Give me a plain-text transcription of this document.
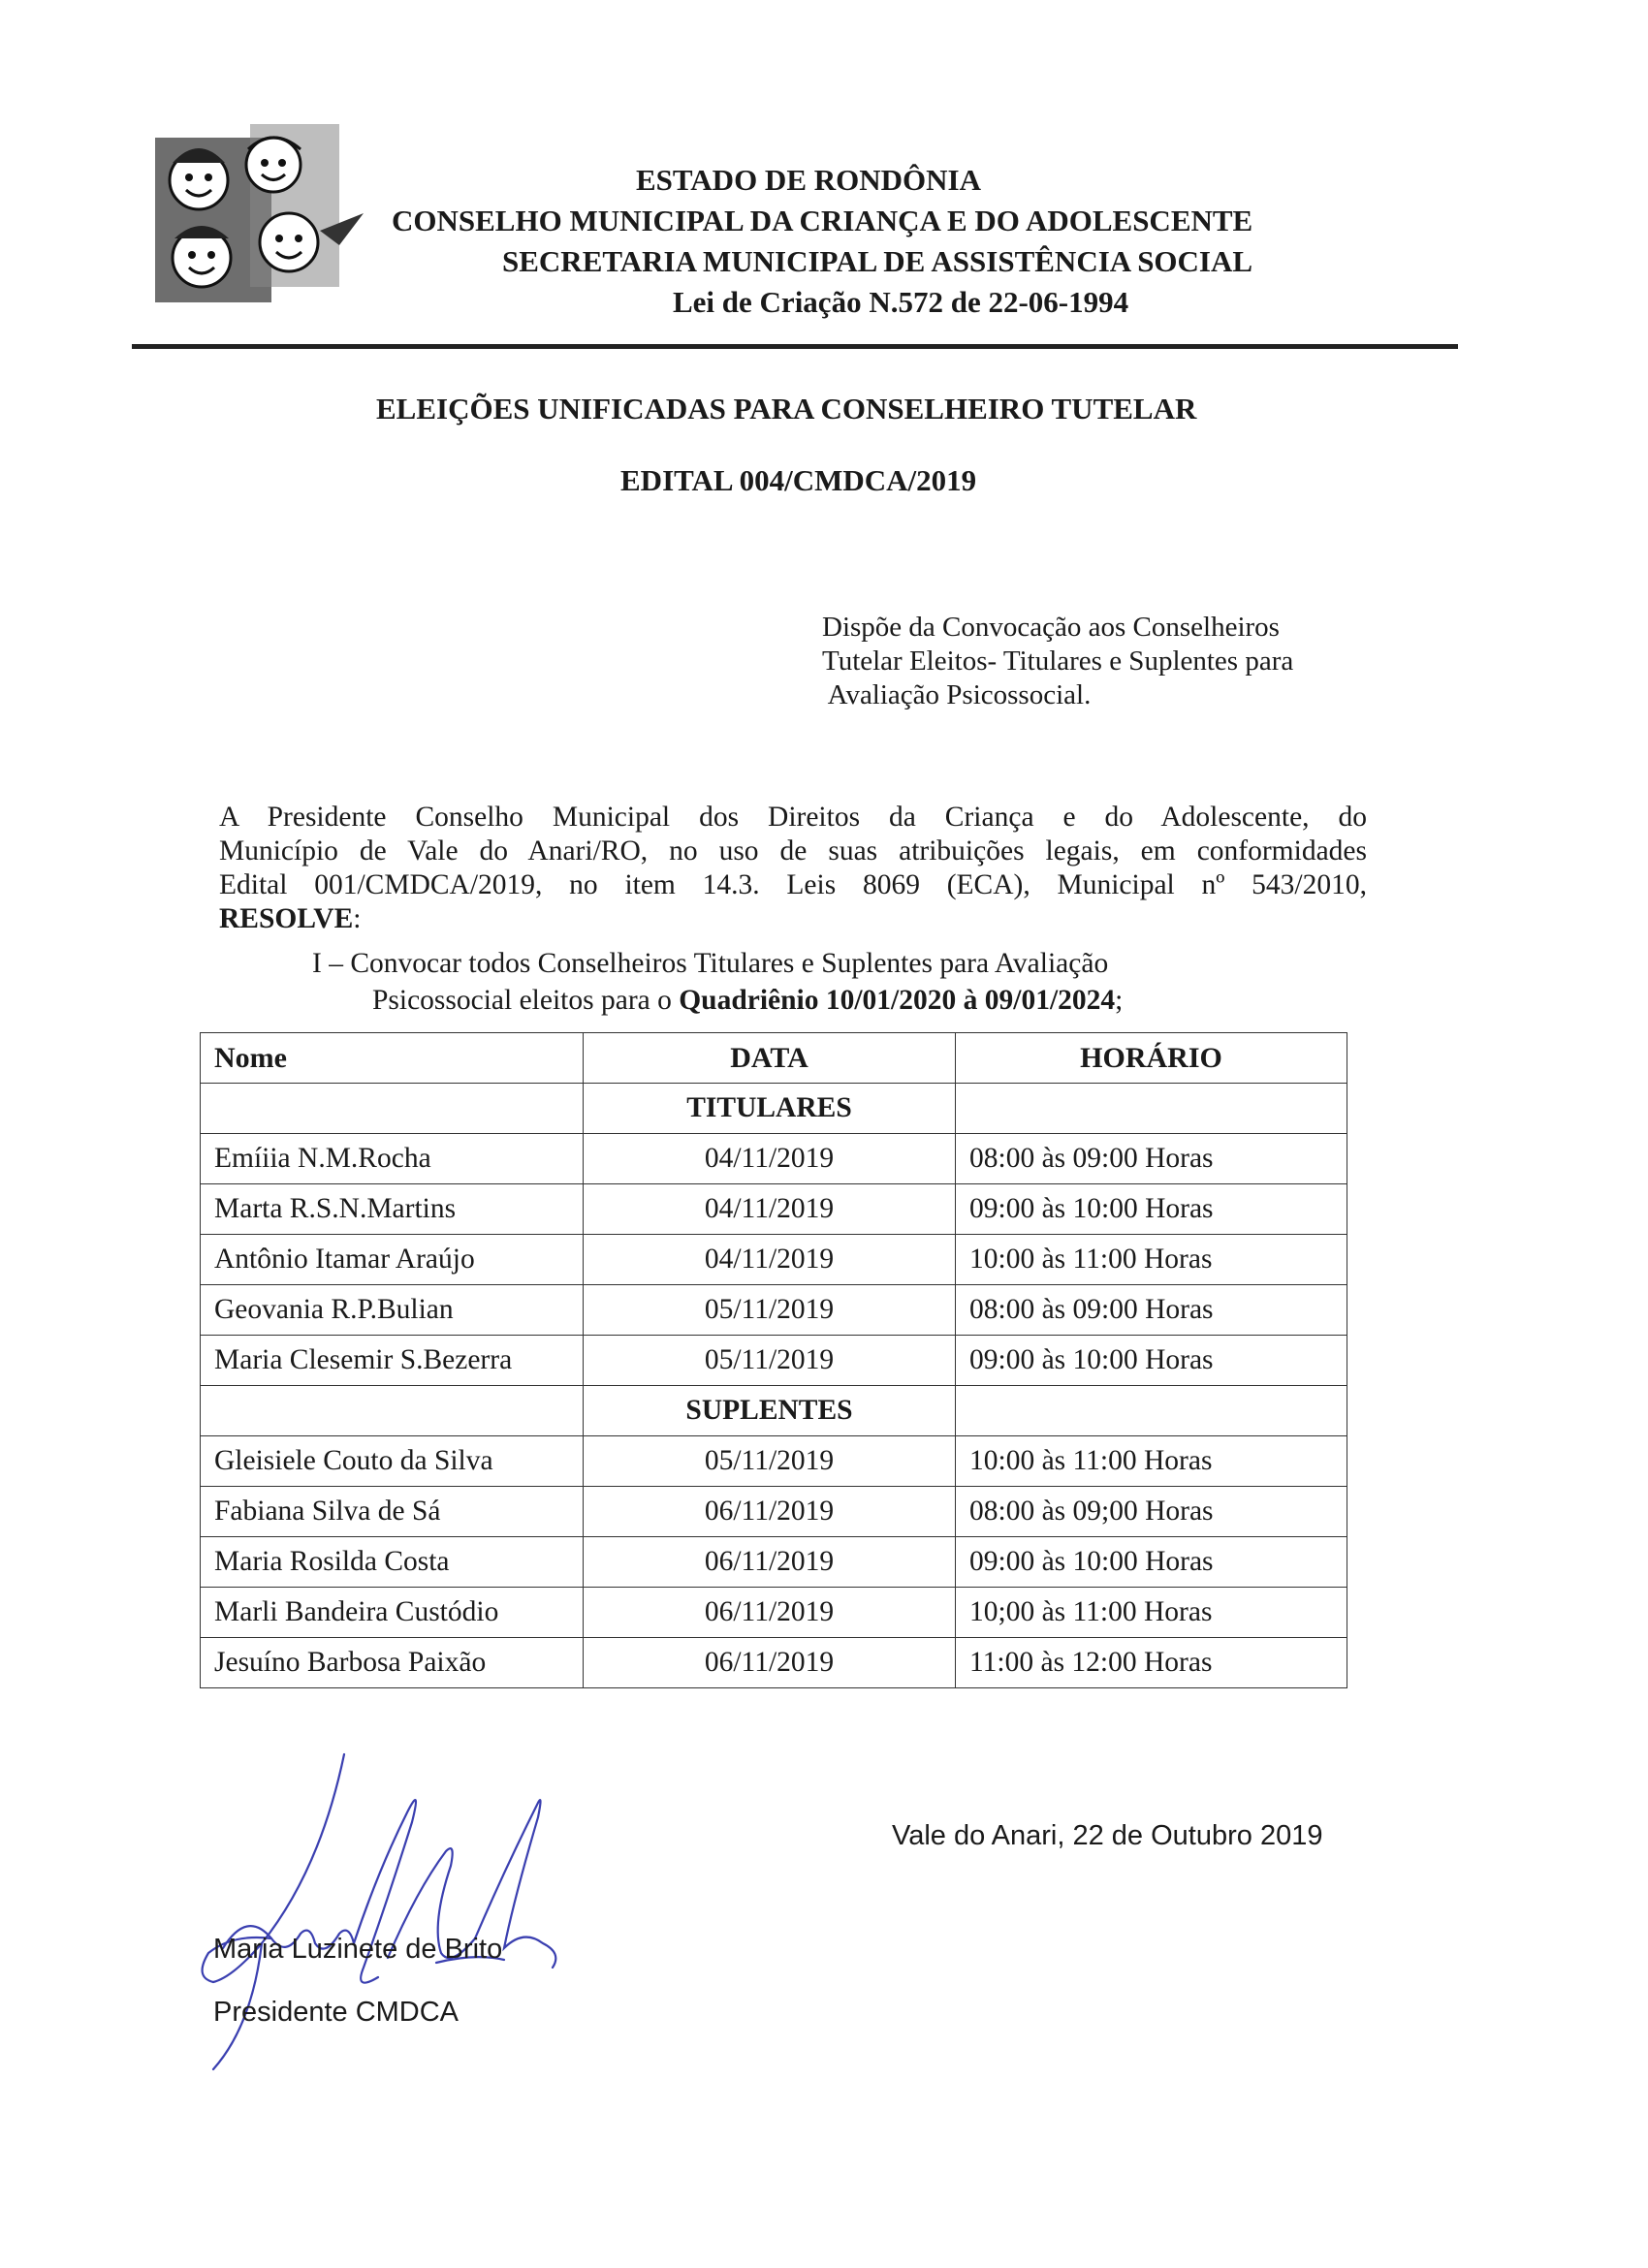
ESTADO DE RONDÔNIA
CONSELHO MUNICIPAL DA CRIANÇA E DO ADOLESCENTE
SECRETARIA MUNICIPAL DE ASSISTÊNCIA SOCIAL
Lei de Criação N.572 de 22-06-1994
ELEIÇÕES UNIFICADAS PARA CONSELHEIRO TUTELAR
EDITAL 004/CMDCA/2019
Dispõe da Convocação aos Conselheiros
Tutelar Eleitos- Titulares e Suplentes para
Avaliação Psicossocial.
A Presidente Conselho Municipal dos Direitos da Criança e do Adolescente, do
Município de Vale do Anari/RO, no uso de suas atribuições legais, em conformidades
Edital 001/CMDCA/2019, no item 14.3. Leis 8069 (ECA), Municipal nº 543/2010,
RESOLVE:
I – Convocar todos Conselheiros Titulares e Suplentes para Avaliação
Psicossocial eleitos para o Quadriênio 10/01/2020 à 09/01/2024;
Nome	DATA	HORÁRIO
	TITULARES	
Emíiia N.M.Rocha	04/11/2019	08:00 às 09:00 Horas
Marta R.S.N.Martins	04/11/2019	09:00 às 10:00 Horas
Antônio Itamar Araújo	04/11/2019	10:00 às 11:00 Horas
Geovania R.P.Bulian	05/11/2019	08:00 às 09:00 Horas
Maria Clesemir S.Bezerra	05/11/2019	09:00 às 10:00 Horas
	SUPLENTES	
Gleisiele Couto da Silva	05/11/2019	10:00 às 11:00 Horas
Fabiana Silva de Sá	06/11/2019	08:00 às 09;00 Horas
Maria Rosilda Costa	06/11/2019	09:00 às 10:00 Horas
Marli Bandeira Custódio	06/11/2019	10;00 às 11:00 Horas
Jesuíno Barbosa Paixão	06/11/2019	11:00 às 12:00 Horas
Vale do Anari, 22 de Outubro 2019
Maria Luzinete de Brito
Presidente CMDCA
